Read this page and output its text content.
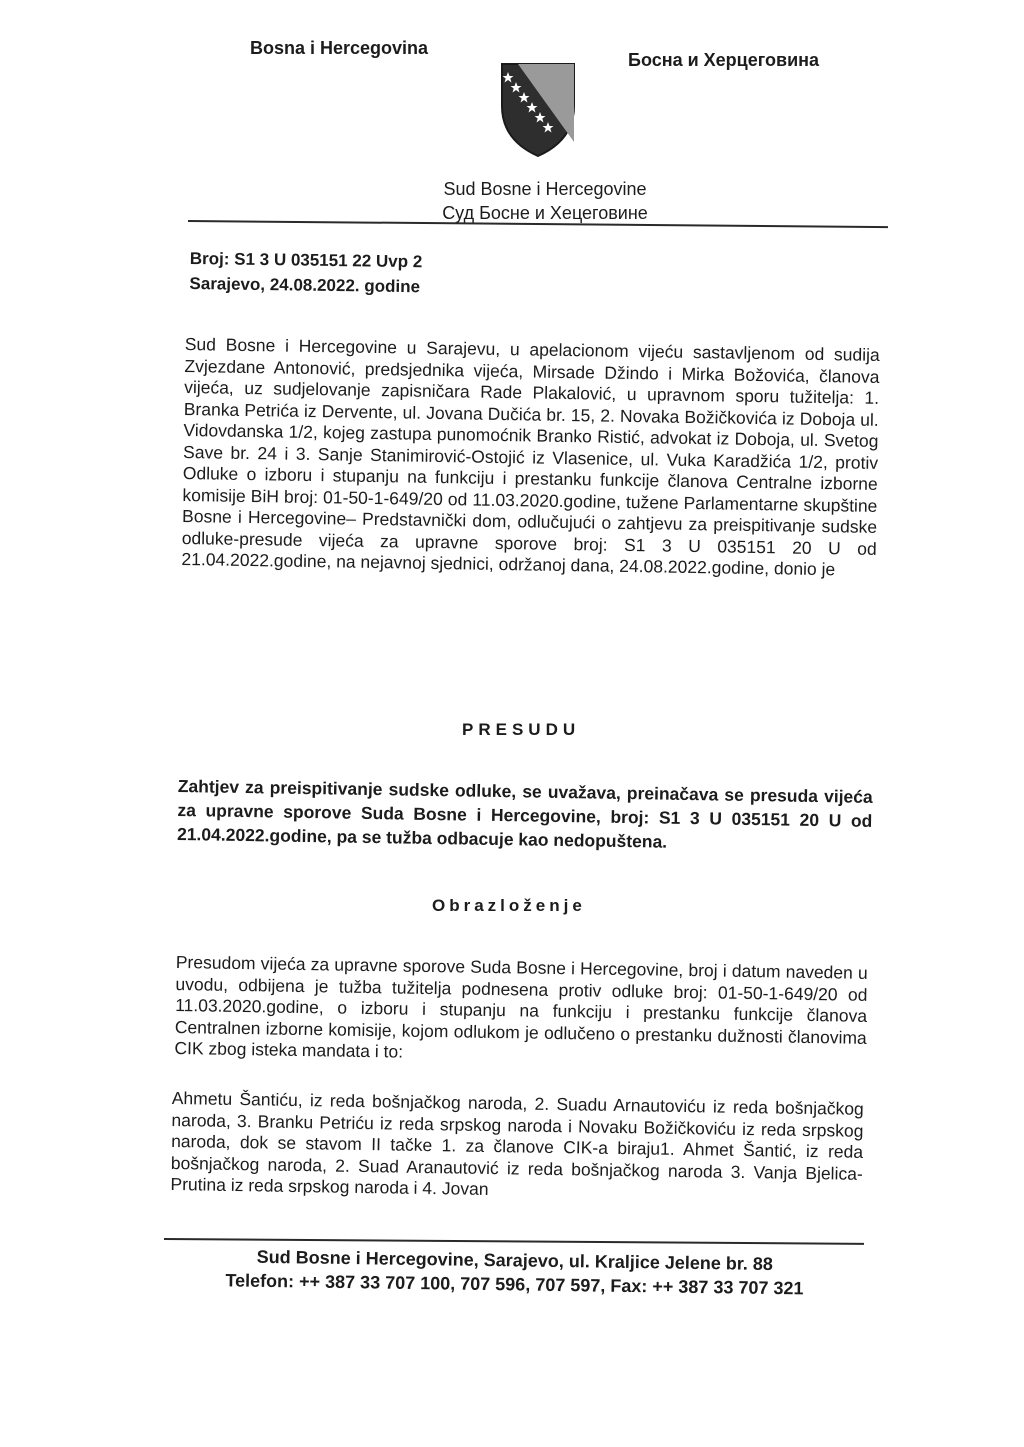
Bosna i Hercegovina
Босна и Херцеговина
Sud Bosne i Hercegovine
Суд Босне и Хецеговине
Broj: S1 3 U 035151 22 Uvp 2
Sarajevo, 24.08.2022. godine
Sud Bosne i Hercegovine u Sarajevu, u apelacionom vijeću sastavljenom od sudija Zvjezdane Antonović, predsjednika vijeća, Mirsade Džindo i Mirka Božovića, članova vijeća, uz sudjelovanje zapisničara Rade Plakalović, u upravnom sporu tužitelja: 1. Branka Petrića iz Dervente, ul. Jovana Dučića br. 15, 2. Novaka Božičkovića iz Doboja ul. Vidovdanska 1/2, kojeg zastupa punomoćnik Branko Ristić, advokat iz Doboja, ul. Svetog Save br. 24 i 3. Sanje Stanimirović-Ostojić iz Vlasenice, ul. Vuka Karadžića 1/2, protiv Odluke o izboru i stupanju na funkciju i prestanku funkcije članova Centralne izborne komisije BiH broj: 01-50-1-649/20 od 11.03.2020.godine, tužene Parlamentarne skupštine Bosne i Hercegovine– Predstavnički dom, odlučujući o zahtjevu za preispitivanje sudske odluke-presude vijeća za upravne sporove broj: S1 3 U 035151 20 U od 21.04.2022.godine, na nejavnoj sjednici, održanoj dana, 24.08.2022.godine, donio je
PRESUDU
Zahtjev za preispitivanje sudske odluke, se uvažava, preinačava se presuda vijeća za upravne sporove Suda Bosne i Hercegovine, broj: S1 3 U 035151 20 U od 21.04.2022.godine, pa se tužba odbacuje kao nedopuštena.
Obrazloženje
Presudom vijeća za upravne sporove Suda Bosne i Hercegovine, broj i datum naveden u uvodu, odbijena je tužba tužitelja podnesena protiv odluke broj: 01-50-1-649/20 od 11.03.2020.godine, o izboru i stupanju na funkciju i prestanku funkcije članova Centralnen izborne komisije, kojom odlukom je odlučeno o prestanku dužnosti članovima CIK zbog isteka mandata i to:
Ahmetu Šantiću, iz reda bošnjačkog naroda, 2. Suadu Arnautoviću iz reda bošnjačkog naroda, 3. Branku Petriću iz reda srpskog naroda i Novaku Božičkoviću iz reda srpskog naroda, dok se stavom II tačke 1. za članove CIK-a biraju1. Ahmet Šantić, iz reda bošnjačkog naroda, 2. Suad Aranautović iz reda bošnjačkog naroda 3. Vanja Bjelica-Prutina iz reda srpskog naroda i 4. Jovan
Sud Bosne i Hercegovine, Sarajevo, ul. Kraljice Jelene br. 88
Telefon: ++ 387 33 707 100, 707 596, 707 597, Fax: ++ 387 33 707 321
